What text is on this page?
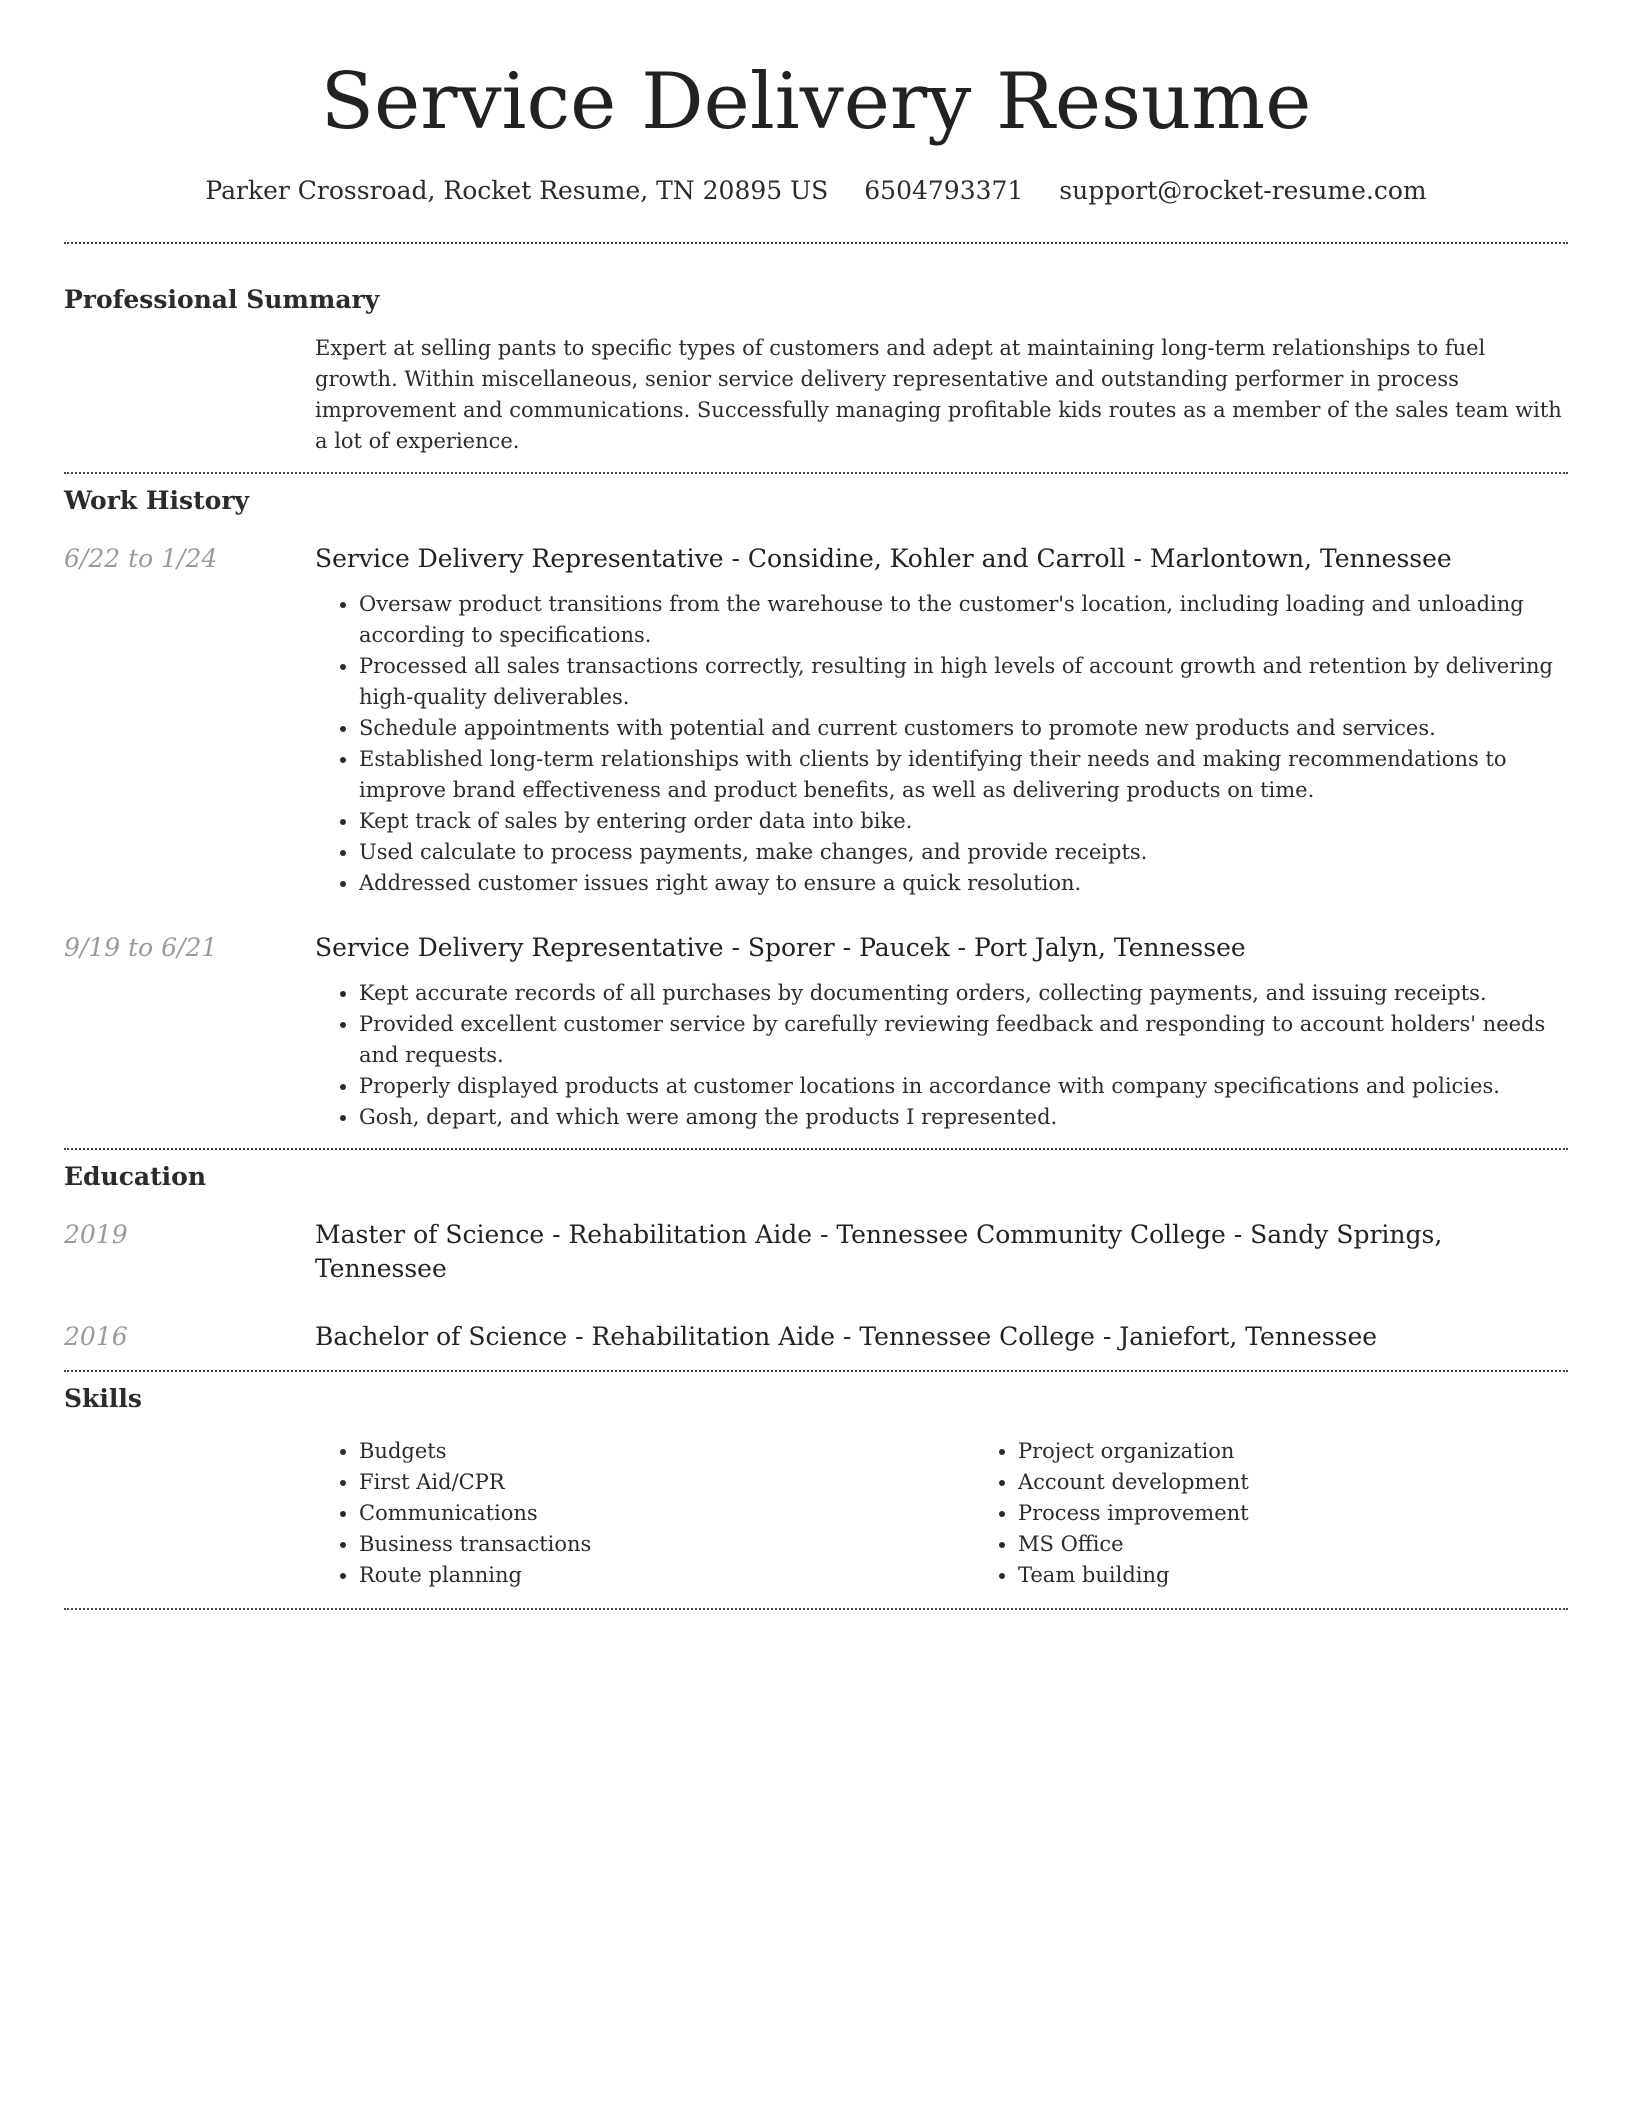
Service Delivery Resume
Parker Crossroad, Rocket Resume, TN 20895 US 6504793371 support@rocket-resume.com
Professional Summary
Expert at selling pants to specific types of customers and adept at maintaining long-term relationships to fuel growth. Within miscellaneous, senior service delivery representative and outstanding performer in process improvement and communications. Successfully managing profitable kids routes as a member of the sales team with a lot of experience.
Work History
6/22 to 1/24	Service Delivery Representative - Considine, Kohler and Carroll - Marlontown, Tennessee
• Oversaw product transitions from the warehouse to the customer's location, including loading and unloading according to specifications.
• Processed all sales transactions correctly, resulting in high levels of account growth and retention by delivering high-quality deliverables.
• Schedule appointments with potential and current customers to promote new products and services.
• Established long-term relationships with clients by identifying their needs and making recommendations to improve brand effectiveness and product benefits, as well as delivering products on time.
• Kept track of sales by entering order data into bike.
• Used calculate to process payments, make changes, and provide receipts.
• Addressed customer issues right away to ensure a quick resolution.
9/19 to 6/21	Service Delivery Representative - Sporer - Paucek - Port Jalyn, Tennessee
• Kept accurate records of all purchases by documenting orders, collecting payments, and issuing receipts.
• Provided excellent customer service by carefully reviewing feedback and responding to account holders' needs and requests.
• Properly displayed products at customer locations in accordance with company specifications and policies.
• Gosh, depart, and which were among the products I represented.
Education
2019	Master of Science - Rehabilitation Aide - Tennessee Community College - Sandy Springs, Tennessee
2016	Bachelor of Science - Rehabilitation Aide - Tennessee College - Janiefort, Tennessee
Skills
• Budgets
• First Aid/CPR
• Communications
• Business transactions
• Route planning
• Project organization
• Account development
• Process improvement
• MS Office
• Team building
